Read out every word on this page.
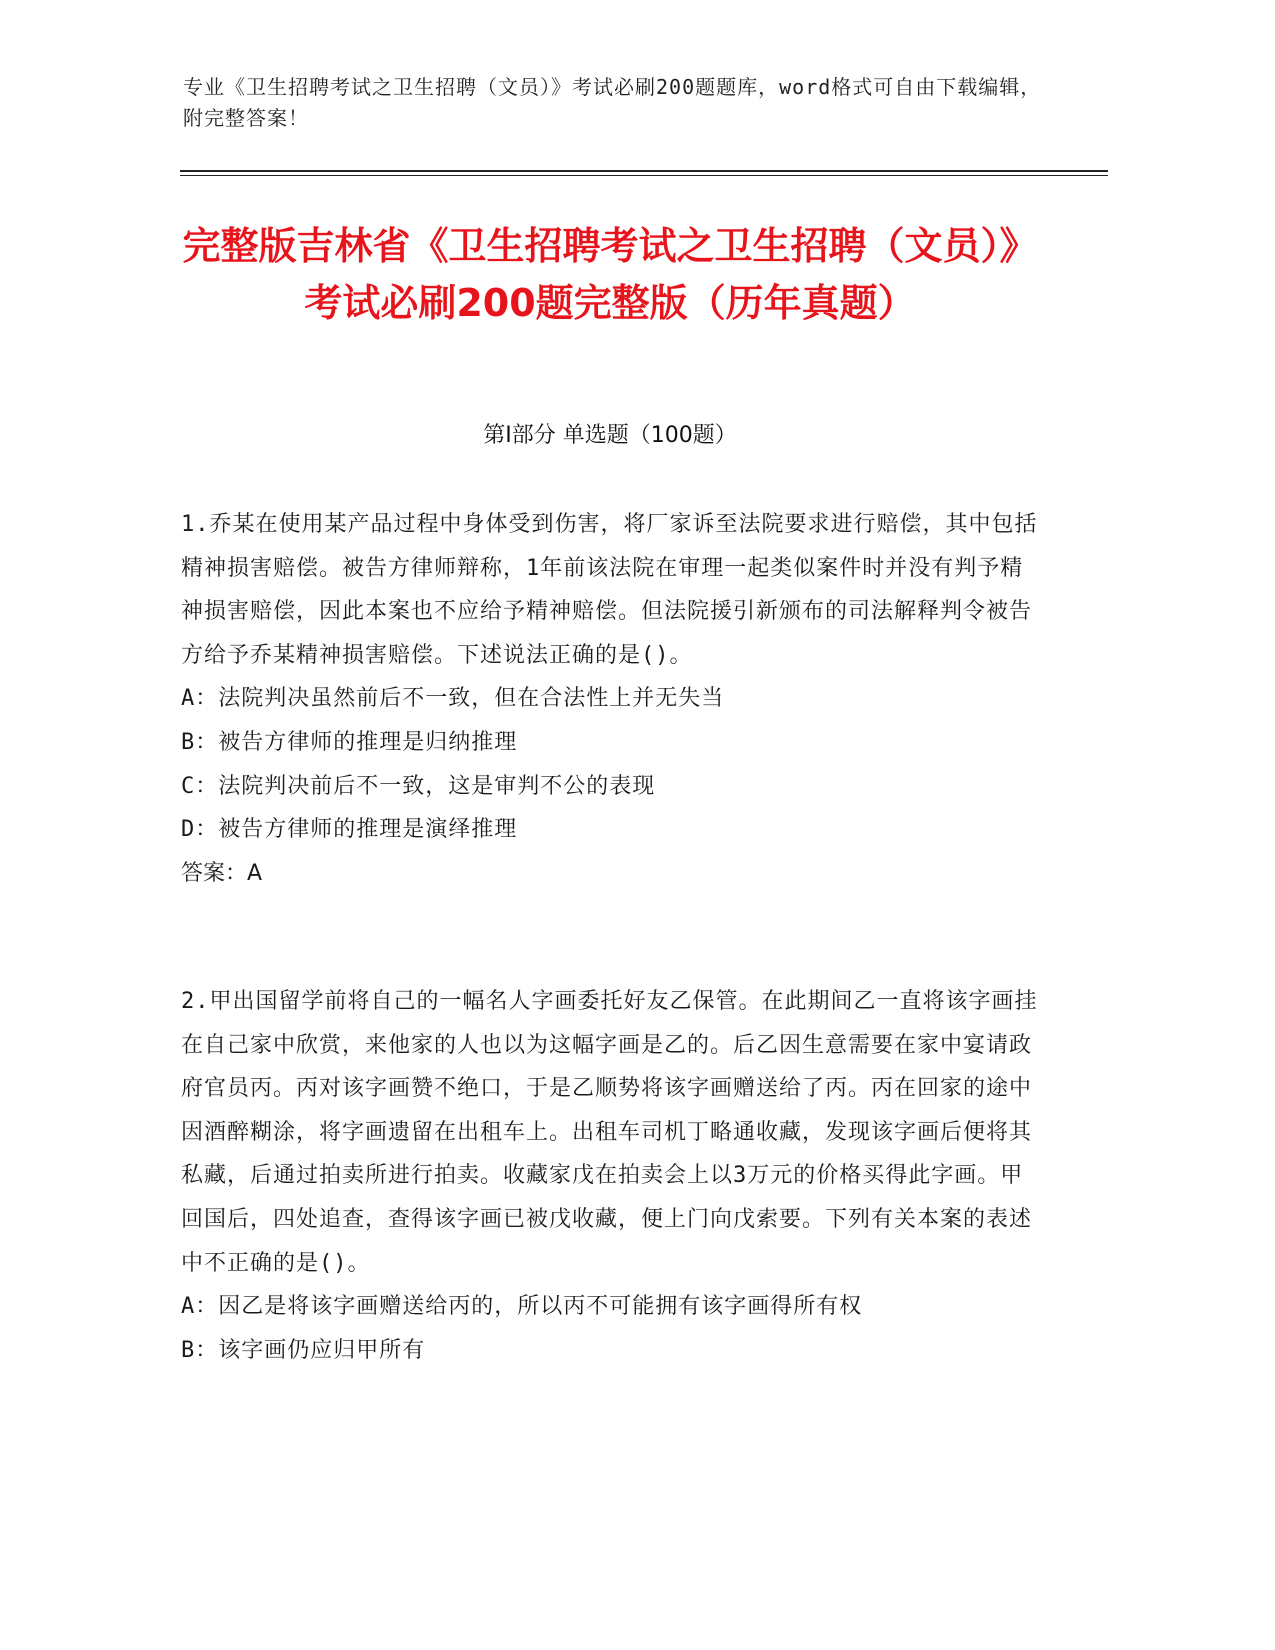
专业《卫生招聘考试之卫生招聘（文员）》考试必刷200题题库，word格式可自由下载编辑，附完整答案！
完整版吉林省《卫生招聘考试之卫生招聘（文员）》考试必刷200题完整版（历年真题）
第I部分 单选题（100题）
1.乔某在使用某产品过程中身体受到伤害，将厂家诉至法院要求进行赔偿，其中包括精神损害赔偿。被告方律师辩称，1年前该法院在审理一起类似案件时并没有判予精神损害赔偿，因此本案也不应给予精神赔偿。但法院援引新颁布的司法解释判令被告方给予乔某精神损害赔偿。下述说法正确的是()。
A：法院判决虽然前后不一致，但在合法性上并无失当
B：被告方律师的推理是归纳推理
C：法院判决前后不一致，这是审判不公的表现
D：被告方律师的推理是演绎推理
答案：A
2.甲出国留学前将自己的一幅名人字画委托好友乙保管。在此期间乙一直将该字画挂在自己家中欣赏，来他家的人也以为这幅字画是乙的。后乙因生意需要在家中宴请政府官员丙。丙对该字画赞不绝口，于是乙顺势将该字画赠送给了丙。丙在回家的途中因酒醉糊涂，将字画遗留在出租车上。出租车司机丁略通收藏，发现该字画后便将其私藏，后通过拍卖所进行拍卖。收藏家戊在拍卖会上以3万元的价格买得此字画。甲回国后，四处追查，查得该字画已被戊收藏，便上门向戊索要。下列有关本案的表述中不正确的是()。
A：因乙是将该字画赠送给丙的，所以丙不可能拥有该字画得所有权
B：该字画仍应归甲所有
